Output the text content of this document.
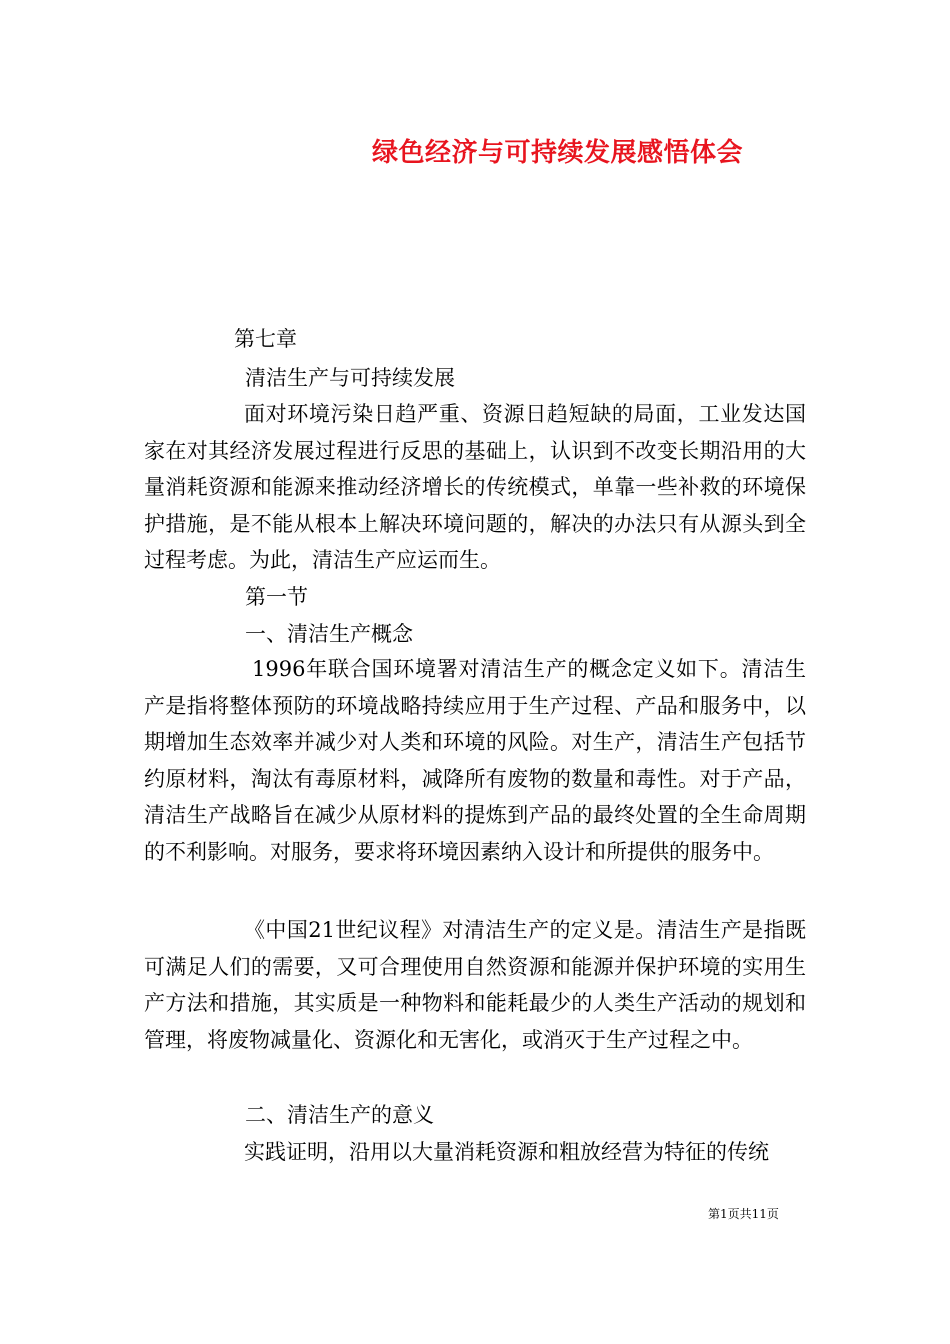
绿色经济与可持续发展感悟体会
第七章
清洁生产与可持续发展

面对环境污染日趋严重、资源日趋短缺的局面，工业发达国家在对其经济发展过程进行反思的基础上，认识到不改变长期沿用的大量消耗资源和能源来推动经济增长的传统模式，单靠一些补救的环境保护措施，是不能从根本上解决环境问题的，解决的办法只有从源头到全过程考虑。为此，清洁生产应运而生。

第一节
一、清洁生产概念

1996年联合国环境署对清洁生产的概念定义如下。清洁生产是指将整体预防的环境战略持续应用于生产过程、产品和服务中，以期增加生态效率并减少对人类和环境的风险。对生产，清洁生产包括节约原材料，淘汰有毒原材料，减降所有废物的数量和毒性。对于产品，清洁生产战略旨在减少从原材料的提炼到产品的最终处置的全生命周期的不利影响。对服务，要求将环境因素纳入设计和所提供的服务中。

《中国21世纪议程》对清洁生产的定义是。清洁生产是指既可满足人们的需要，又可合理使用自然资源和能源并保护环境的实用生产方法和措施，其实质是一种物料和能耗最少的人类生产活动的规划和管理，将废物减量化、资源化和无害化，或消灭于生产过程之中。

二、清洁生产的意义

实践证明，沿用以大量消耗资源和粗放经营为特征的传统

第1页共11页
